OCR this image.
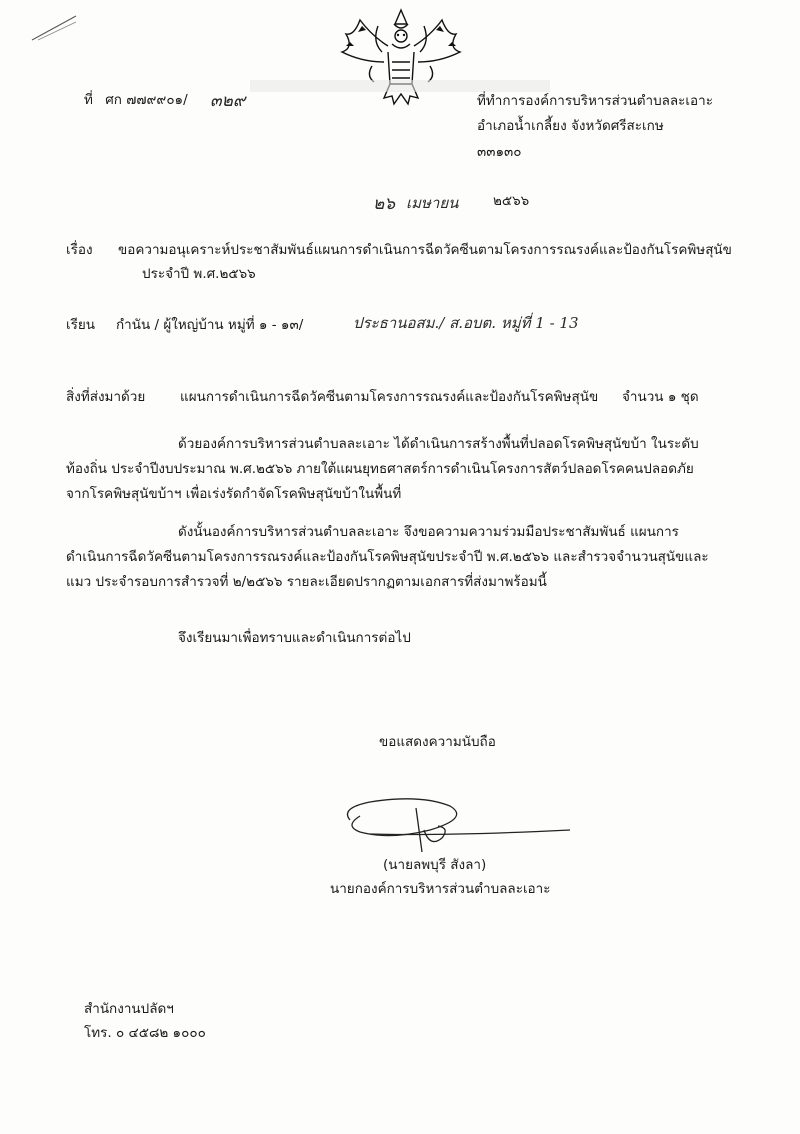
ที่ ศก ๗๗๙๙๐๑/ ๓๒๙	ที่ทำการองค์การบริหารส่วนตำบลละเอาะ
อำเภอน้ำเกลี้ยง จังหวัดศรีสะเกษ
๓๓๑๓๐
๒๖ เมษายน	๒๕๖๖
เรื่อง ขอความอนุเคราะห์ประชาสัมพันธ์แผนการดำเนินการฉีดวัคซีนตามโครงการรณรงค์และป้องกันโรคพิษสุนัข
ประจำปี พ.ศ.๒๕๖๖
เรียน กำนัน / ผู้ใหญ่บ้าน หมู่ที่ ๑ - ๑๓/	ประธานอสม./ ส.อบต. หมู่ที่ 1 - 13
สิ่งที่ส่งมาด้วย	แผนการดำเนินการฉีดวัคซีนตามโครงการรณรงค์และป้องกันโรคพิษสุนัข จำนวน ๑ ชุด
ด้วยองค์การบริหารส่วนตำบลละเอาะ ได้ดำเนินการสร้างพื้นที่ปลอดโรคพิษสุนัขบ้า ในระดับ
ท้องถิ่น ประจำปีงบประมาณ พ.ศ.๒๕๖๖ ภายใต้แผนยุทธศาสตร์การดำเนินโครงการสัตว์ปลอดโรคคนปลอดภัย
จากโรคพิษสุนัขบ้าฯ เพื่อเร่งรัดกำจัดโรคพิษสุนัขบ้าในพื้นที่
ดังนั้นองค์การบริหารส่วนตำบลละเอาะ จึงขอความความร่วมมือประชาสัมพันธ์ แผนการ
ดำเนินการฉีดวัคซีนตามโครงการรณรงค์และป้องกันโรคพิษสุนัขประจำปี พ.ศ.๒๕๖๖ และสำรวจจำนวนสุนัขและ
แมว ประจำรอบการสำรวจที่ ๒/๒๕๖๖ รายละเอียดปรากฏตามเอกสารที่ส่งมาพร้อมนี้
จึงเรียนมาเพื่อทราบและดำเนินการต่อไป
ขอแสดงความนับถือ
(นายลพบุรี สังลา)
นายกองค์การบริหารส่วนตำบลละเอาะ
สำนักงานปลัดฯ
โทร. ๐ ๔๕๘๒ ๑๐๐๐
